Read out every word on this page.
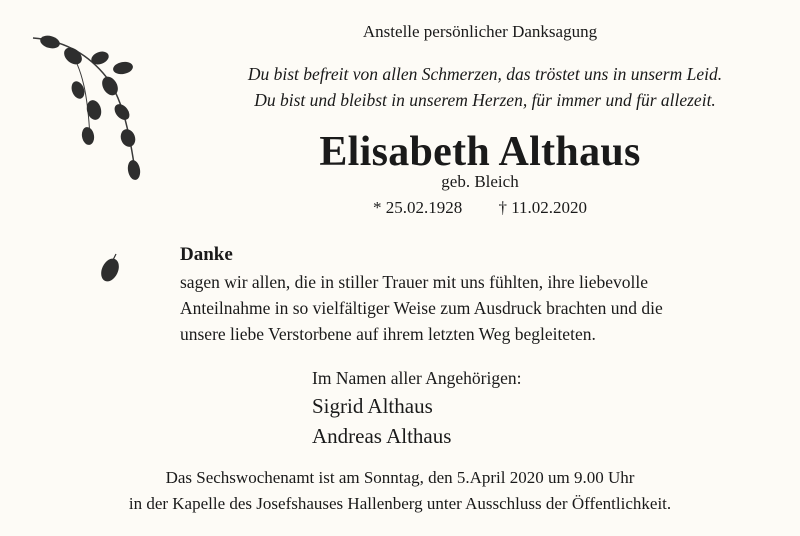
Anstelle persönlicher Danksagung
Du bist befreit von allen Schmerzen, das tröstet uns in unserm Leid.
Du bist und bleibst in unserem Herzen, für immer und für allezeit.
Elisabeth Althaus
geb. Bleich
* 25.02.1928 † 11.02.2020
Danke
sagen wir allen, die in stiller Trauer mit uns fühlten, ihre liebevolle
Anteilnahme in so vielfältiger Weise zum Ausdruck brachten und die
unsere liebe Verstorbene auf ihrem letzten Weg begleiteten.
Im Namen aller Angehörigen:
Sigrid Althaus
Andreas Althaus
Das Sechswochenamt ist am Sonntag, den 5.April 2020 um 9.00 Uhr
in der Kapelle des Josefshauses Hallenberg unter Ausschluss der Öffentlichkeit.
